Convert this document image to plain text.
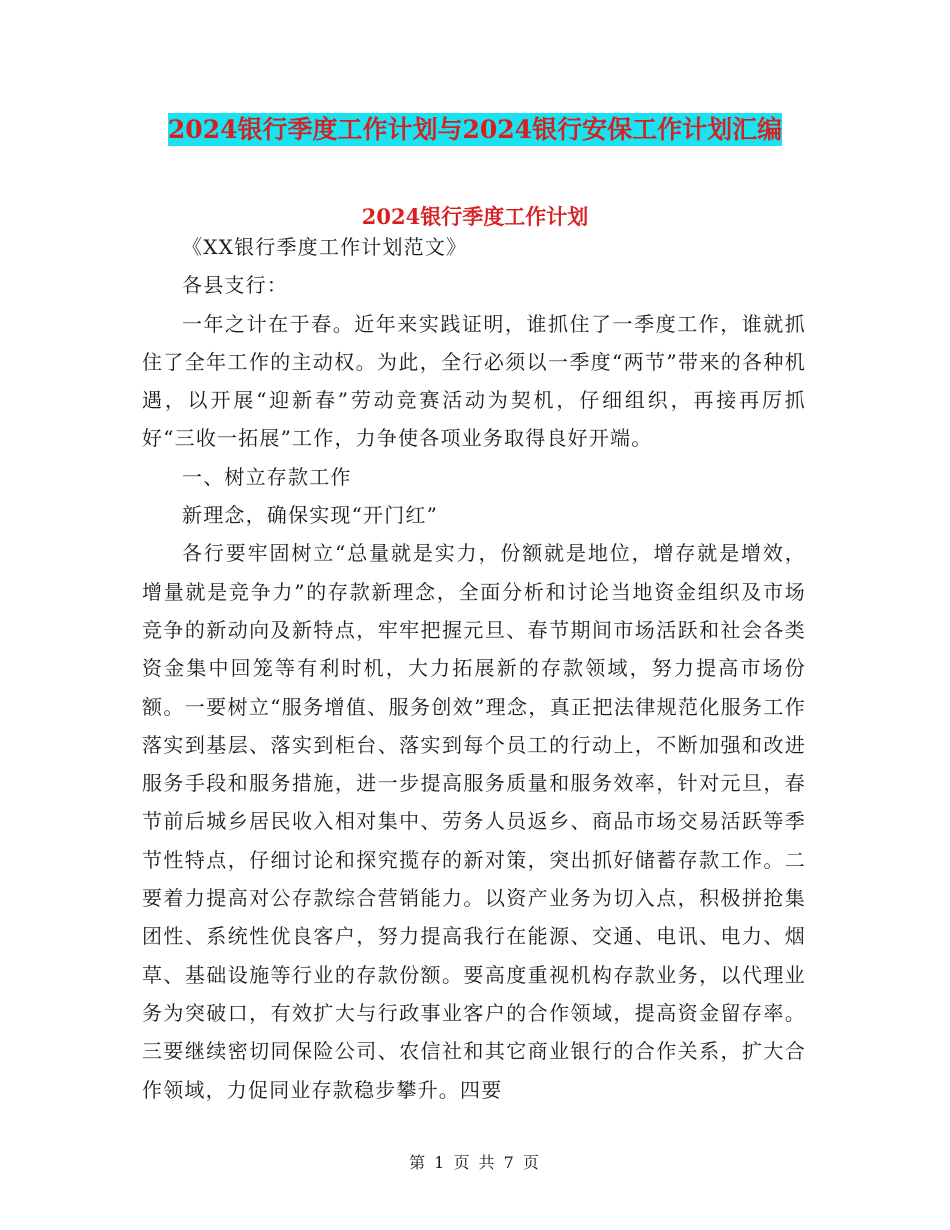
2024银行季度工作计划与2024银行安保工作计划汇编
2024银行季度工作计划

《XX银行季度工作计划范文》

各县支行：

一年之计在于春。近年来实践证明，谁抓住了一季度工作，谁就抓住了全年工作的主动权。为此，全行必须以一季度“两节”带来的各种机遇，以开展“迎新春”劳动竞赛活动为契机，仔细组织，再接再厉抓好“三收一拓展”工作，力争使各项业务取得良好开端。

一、树立存款工作

新理念，确保实现“开门红”

各行要牢固树立“总量就是实力，份额就是地位，增存就是增效，增量就是竞争力”的存款新理念，全面分析和讨论当地资金组织及市场竞争的新动向及新特点，牢牢把握元旦、春节期间市场活跃和社会各类资金集中回笼等有利时机，大力拓展新的存款领域，努力提高市场份额。一要树立“服务增值、服务创效”理念，真正把法律规范化服务工作落实到基层、落实到柜台、落实到每个员工的行动上，不断加强和改进服务手段和服务措施，进一步提高服务质量和服务效率，针对元旦，春节前后城乡居民收入相对集中、劳务人员返乡、商品市场交易活跃等季节性特点，仔细讨论和探究揽存的新对策，突出抓好储蓄存款工作。二要着力提高对公存款综合营销能力。以资产业务为切入点，积极拼抢集团性、系统性优良客户，努力提高我行在能源、交通、电讯、电力、烟草、基础设施等行业的存款份额。要高度重视机构存款业务，以代理业务为突破口，有效扩大与行政事业客户的合作领域，提高资金留存率。三要继续密切同保险公司、农信社和其它商业银行的合作关系，扩大合作领域，力促同业存款稳步攀升。四要

第 1 页 共 7 页
